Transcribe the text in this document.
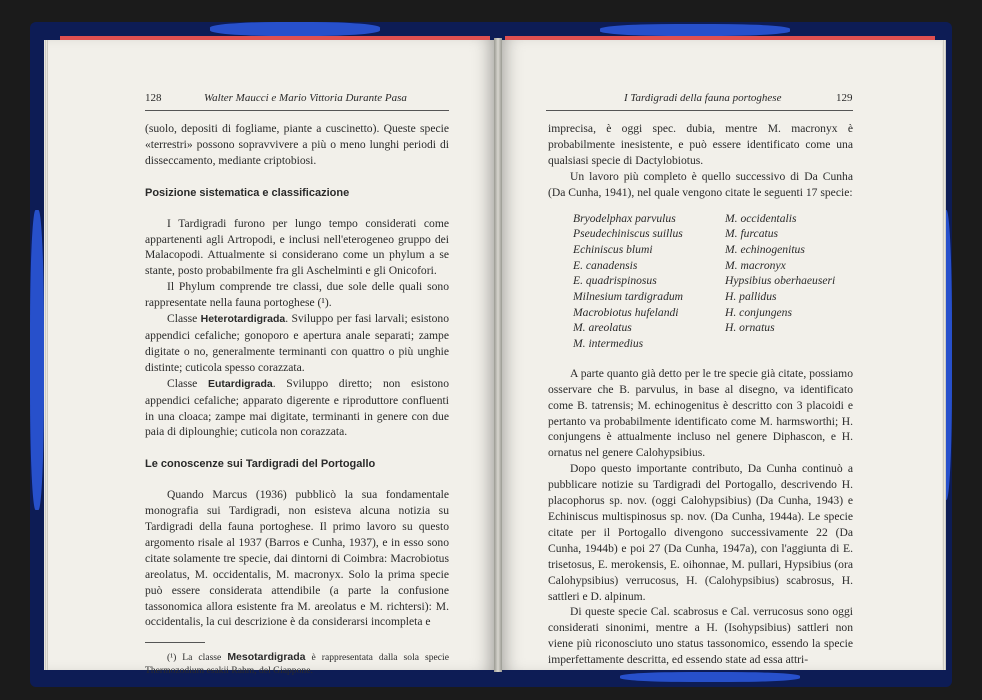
128	Walter Maucci e Mario Vittoria Durante Pasa

(suolo, depositi di fogliame, piante a cuscinetto). Queste specie «terrestri» possono sopravvivere a più o meno lunghi periodi di disseccamento, mediante criptobiosi.

Posizione sistematica e classificazione

I Tardigradi furono per lungo tempo considerati come appartenenti agli Artropodi, e inclusi nell'eterogeneo gruppo dei Malacopodi. Attualmente si considerano come un phylum a se stante, posto probabilmente fra gli Aschelminti e gli Onicofori.

Il Phylum comprende tre classi, due sole delle quali sono rappresentate nella fauna portoghese (¹).

Classe Heterotardigrada. Sviluppo per fasi larvali; esistono appendici cefaliche; gonoporo e apertura anale separati; zampe digitate o no, generalmente terminanti con quattro o più unghie distinte; cuticola spesso corazzata.

Classe Eutardigrada. Sviluppo diretto; non esistono appendici cefaliche; apparato digerente e riproduttore confluenti in una cloaca; zampe mai digitate, terminanti in genere con due paia di diplounghie; cuticola non corazzata.

Le conoscenze sui Tardigradi del Portogallo

Quando Marcus (1936) pubblicò la sua fondamentale monografia sui Tardigradi, non esisteva alcuna notizia su Tardigradi della fauna portoghese. Il primo lavoro su questo argomento risale al 1937 (Barros e Cunha, 1937), e in esso sono citate solamente tre specie, dai dintorni di Coimbra: Macrobiotus areolatus, M. occidentalis, M. macronyx. Solo la prima specie può essere considerata attendibile (a parte la confusione tassonomica allora esistente fra M. areolatus e M. richtersi): M. occidentalis, la cui descrizione è da considerarsi incompleta e

(¹) La classe Mesotardigrada è rappresentata dalla sola specie Thermozodium esakii Rahm, del Giappone.

I Tardigradi della fauna portoghese	129

imprecisa, è oggi spec. dubia, mentre M. macronyx è probabilmente inesistente, e può essere identificato come una qualsiasi specie di Dactylobiotus.

Un lavoro più completo è quello successivo di Da Cunha (Da Cunha, 1941), nel quale vengono citate le seguenti 17 specie:

Bryodelphax parvulus
Pseudechiniscus suillus
Echiniscus blumi
E. canadensis
E. quadrispinosus
Milnesium tardigradum
Macrobiotus hufelandi
M. areolatus
M. intermedius
M. occidentalis
M. furcatus
M. echinogenitus
M. macronyx
Hypsibius oberhaeuseri
H. pallidus
H. conjungens
H. ornatus

A parte quanto già detto per le tre specie già citate, possiamo osservare che B. parvulus, in base al disegno, va identificato come B. tatrensis; M. echinogenitus è descritto con 3 placoidi e pertanto va probabilmente identificato come M. harmsworthi; H. conjungens è attualmente incluso nel genere Diphascon, e H. ornatus nel genere Calohypsibius.

Dopo questo importante contributo, Da Cunha continuò a pubblicare notizie su Tardigradi del Portogallo, descrivendo H. placophorus sp. nov. (oggi Calohypsibius) (Da Cunha, 1943) e Echiniscus multispinosus sp. nov. (Da Cunha, 1944a). Le specie citate per il Portogallo divengono successivamente 22 (Da Cunha, 1944b) e poi 27 (Da Cunha, 1947a), con l'aggiunta di E. trisetosus, E. merokensis, E. oihonnae, M. pullari, Hypsibius (ora Calohypsibius) verrucosus, H. (Calohypsibius) scabrosus, H. sattleri e D. alpinum.

Di queste specie Cal. scabrosus e Cal. verrucosus sono oggi considerati sinonimi, mentre a H. (Isohypsibius) sattleri non viene più riconosciuto uno status tassonomico, essendo la specie imperfettamente descritta, ed essendo state ad essa attri-
